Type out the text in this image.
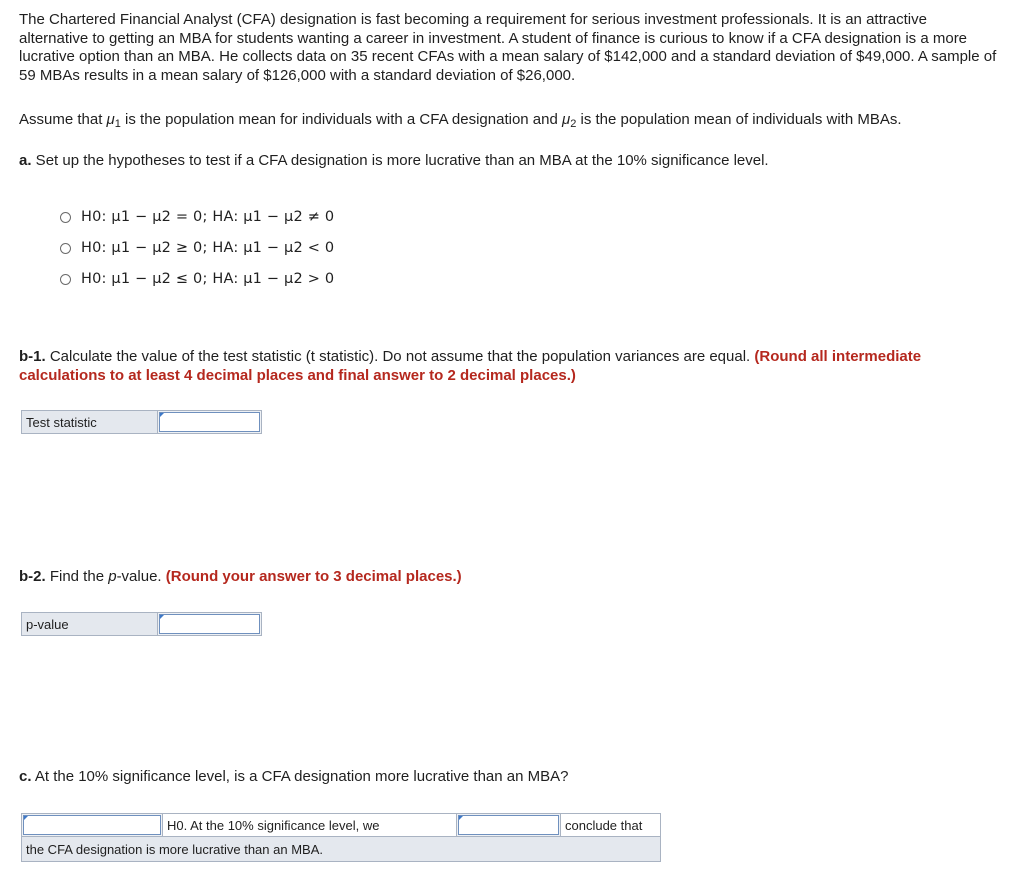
The Chartered Financial Analyst (CFA) designation is fast becoming a requirement for serious investment professionals. It is an attractive alternative to getting an MBA for students wanting a career in investment. A student of finance is curious to know if a CFA designation is a more lucrative option than an MBA. He collects data on 35 recent CFAs with a mean salary of $142,000 and a standard deviation of $49,000. A sample of 59 MBAs results in a mean salary of $126,000 with a standard deviation of $26,000.

Assume that $\mu_1$ is the population mean for individuals with a CFA designation and $\mu_2$ is the population mean of individuals with MBAs.

a. Set up the hypotheses to test if a CFA designation is more lucrative than an MBA at the 10% significance level.

H0: μ1 − μ2 = 0; HA: μ1 − μ2 ≠ 0
H0: μ1 − μ2 ≥ 0; HA: μ1 − μ2 < 0
H0: μ1 − μ2 ≤ 0; HA: μ1 − μ2 > 0

b-1. Calculate the value of the test statistic (t statistic). Do not assume that the population variances are equal. (Round all intermediate calculations to at least 4 decimal places and final answer to 2 decimal places.)

Test statistic	

b-2. Find the p-value. (Round your answer to 3 decimal places.)

p-value	

c. At the 10% significance level, is a CFA designation more lucrative than an MBA?

	H0. At the 10% significance level, we		conclude that
the CFA designation is more lucrative than an MBA.
